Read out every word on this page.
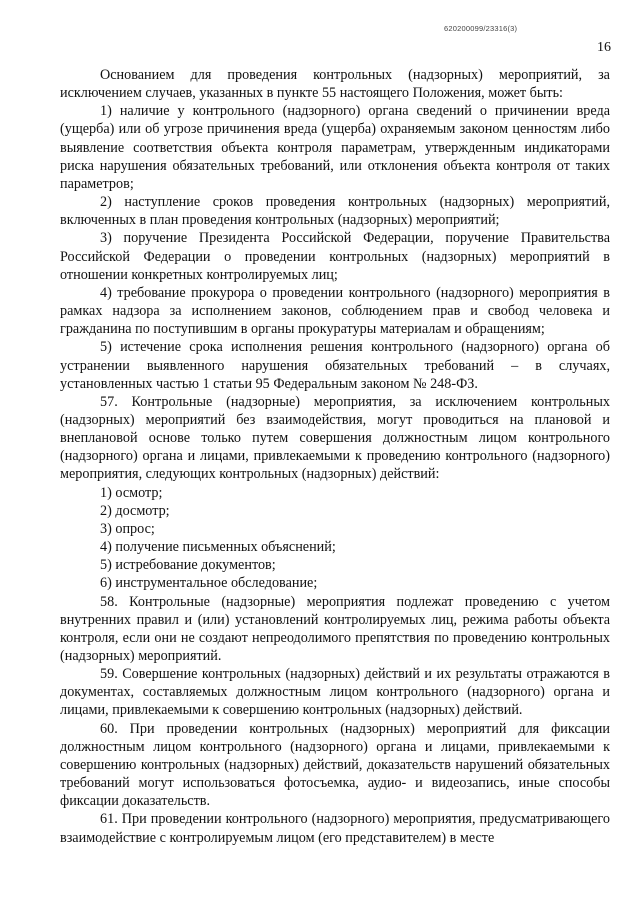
620200099/23316(3)
16

Основанием для проведения контрольных (надзорных) мероприятий, за исключением случаев, указанных в пункте 55 настоящего Положения, может быть:

1) наличие у контрольного (надзорного) органа сведений о причинении вреда (ущерба) или об угрозе причинения вреда (ущерба) охраняемым законом ценностям либо выявление соответствия объекта контроля параметрам, утвержденным индикаторами риска нарушения обязательных требований, или отклонения объекта контроля от таких параметров;

2) наступление сроков проведения контрольных (надзорных) мероприятий, включенных в план проведения контрольных (надзорных) мероприятий;

3) поручение Президента Российской Федерации, поручение Правительства Российской Федерации о проведении контрольных (надзорных) мероприятий в отношении конкретных контролируемых лиц;

4) требование прокурора о проведении контрольного (надзорного) мероприятия в рамках надзора за исполнением законов, соблюдением прав и свобод человека и гражданина по поступившим в органы прокуратуры материалам и обращениям;

5) истечение срока исполнения решения контрольного (надзорного) органа об устранении выявленного нарушения обязательных требований – в случаях, установленных частью 1 статьи 95 Федеральным законом № 248-ФЗ.

57. Контрольные (надзорные) мероприятия, за исключением контрольных (надзорных) мероприятий без взаимодействия, могут проводиться на плановой и внеплановой основе только путем совершения должностным лицом контрольного (надзорного) органа и лицами, привлекаемыми к проведению контрольного (надзорного) мероприятия, следующих контрольных (надзорных) действий:

1) осмотр;

2) досмотр;

3) опрос;

4) получение письменных объяснений;

5) истребование документов;

6) инструментальное обследование;

58. Контрольные (надзорные) мероприятия подлежат проведению с учетом внутренних правил и (или) установлений контролируемых лиц, режима работы объекта контроля, если они не создают непреодолимого препятствия по проведению контрольных (надзорных) мероприятий.

59. Совершение контрольных (надзорных) действий и их результаты отражаются в документах, составляемых должностным лицом контрольного (надзорного) органа и лицами, привлекаемыми к совершению контрольных (надзорных) действий.

60. При проведении контрольных (надзорных) мероприятий для фиксации должностным лицом контрольного (надзорного) органа и лицами, привлекаемыми к совершению контрольных (надзорных) действий, доказательств нарушений обязательных требований могут использоваться фотосъемка, аудио- и видеозапись, иные способы фиксации доказательств.

61. При проведении контрольного (надзорного) мероприятия, предусматривающего взаимодействие с контролируемым лицом (его представителем) в месте
